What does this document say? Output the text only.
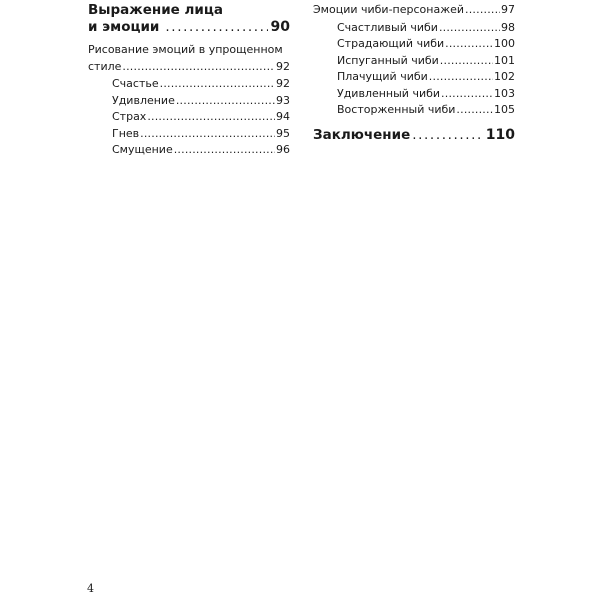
Выражение лица
и эмоции .....	90
Рисование эмоций в упрощенном
стиле .....	92
Счастье .....	92
Удивление .....	93
Страх .....	94
Гнев .....	95
Смущение .....	96
Эмоции чиби-персонажей .....	97
Счастливый чиби .....	98
Страдающий чиби .....	100
Испуганный чиби .....	101
Плачущий чиби .....	102
Удивленный чиби .....	103
Восторженный чиби .....	105
Заключение .....	110
4
